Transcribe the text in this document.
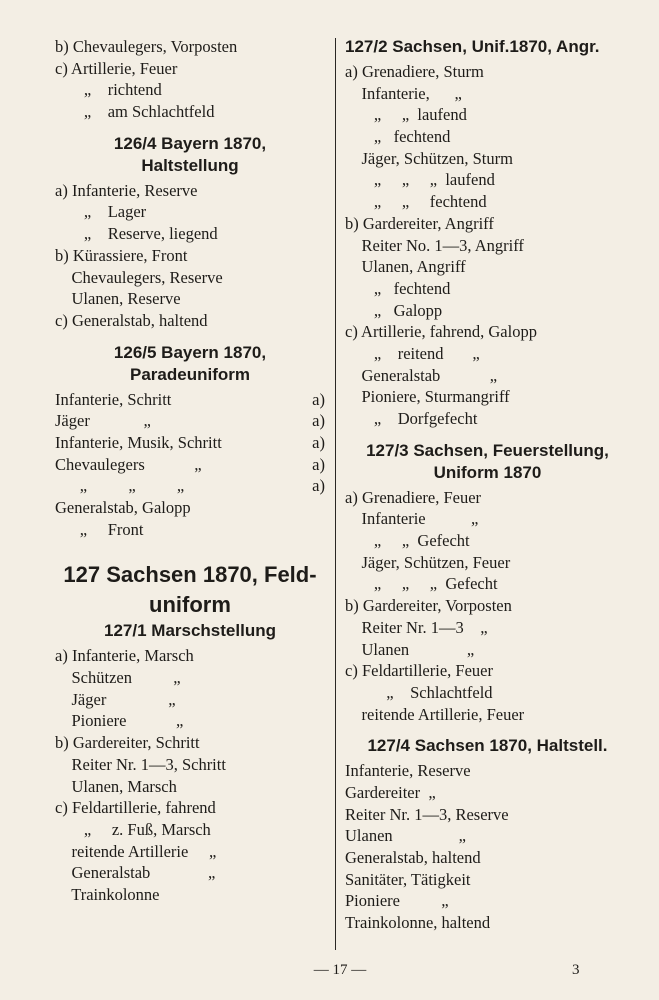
b) Chevaulegers, Vorposten
c) Artillerie, Feuer
„    richtend
„    am Schlachtfeld
126/4 Bayern 1870,
Haltstellung
a) Infanterie, Reserve
„    Lager
„    Reserve, liegend
b) Kürassiere, Front
Chevaulegers, Reserve
Ulanen, Reserve
c) Generalstab, haltend
126/5 Bayern 1870,
Paradeuniform
Infanterie, Schritt	a)
Jäger             „	a)
Infanterie, Musik, Schritt	a)
Chevaulegers            „	a)
„          „          „	a)
Generalstab, Galopp
„     Front
127 Sachsen 1870, Feld-
uniform
127/1 Marschstellung
a) Infanterie, Marsch
Schützen          „
Jäger               „
Pioniere            „
b) Gardereiter, Schritt
Reiter Nr. 1—3, Schritt
Ulanen, Marsch
c) Feldartillerie, fahrend
„     z. Fuß, Marsch
reitende Artillerie     „
Generalstab              „
Trainkolonne
127/2 Sachsen, Unif.1870, Angr.
a) Grenadiere, Sturm
Infanterie,      „
„     „  laufend
„   fechtend
Jäger, Schützen, Sturm
„     „     „  laufend
„     „     fechtend
b) Gardereiter, Angriff
Reiter No. 1—3, Angriff
Ulanen, Angriff
„   fechtend
„   Galopp
c) Artillerie, fahrend, Galopp
„    reitend       „
Generalstab            „
Pioniere, Sturmangriff
„    Dorfgefecht
127/3 Sachsen, Feuerstellung,
Uniform 1870
a) Grenadiere, Feuer
Infanterie           „
„     „  Gefecht
Jäger, Schützen, Feuer
„     „     „  Gefecht
b) Gardereiter, Vorposten
Reiter Nr. 1—3    „
Ulanen              „
c) Feldartillerie, Feuer
„    Schlachtfeld
reitende Artillerie, Feuer
127/4 Sachsen 1870, Haltstell.
Infanterie, Reserve
Gardereiter  „
Reiter Nr. 1—3, Reserve
Ulanen                „
Generalstab, haltend
Sanitäter, Tätigkeit
Pioniere          „
Trainkolonne, haltend
— 17 —	3
